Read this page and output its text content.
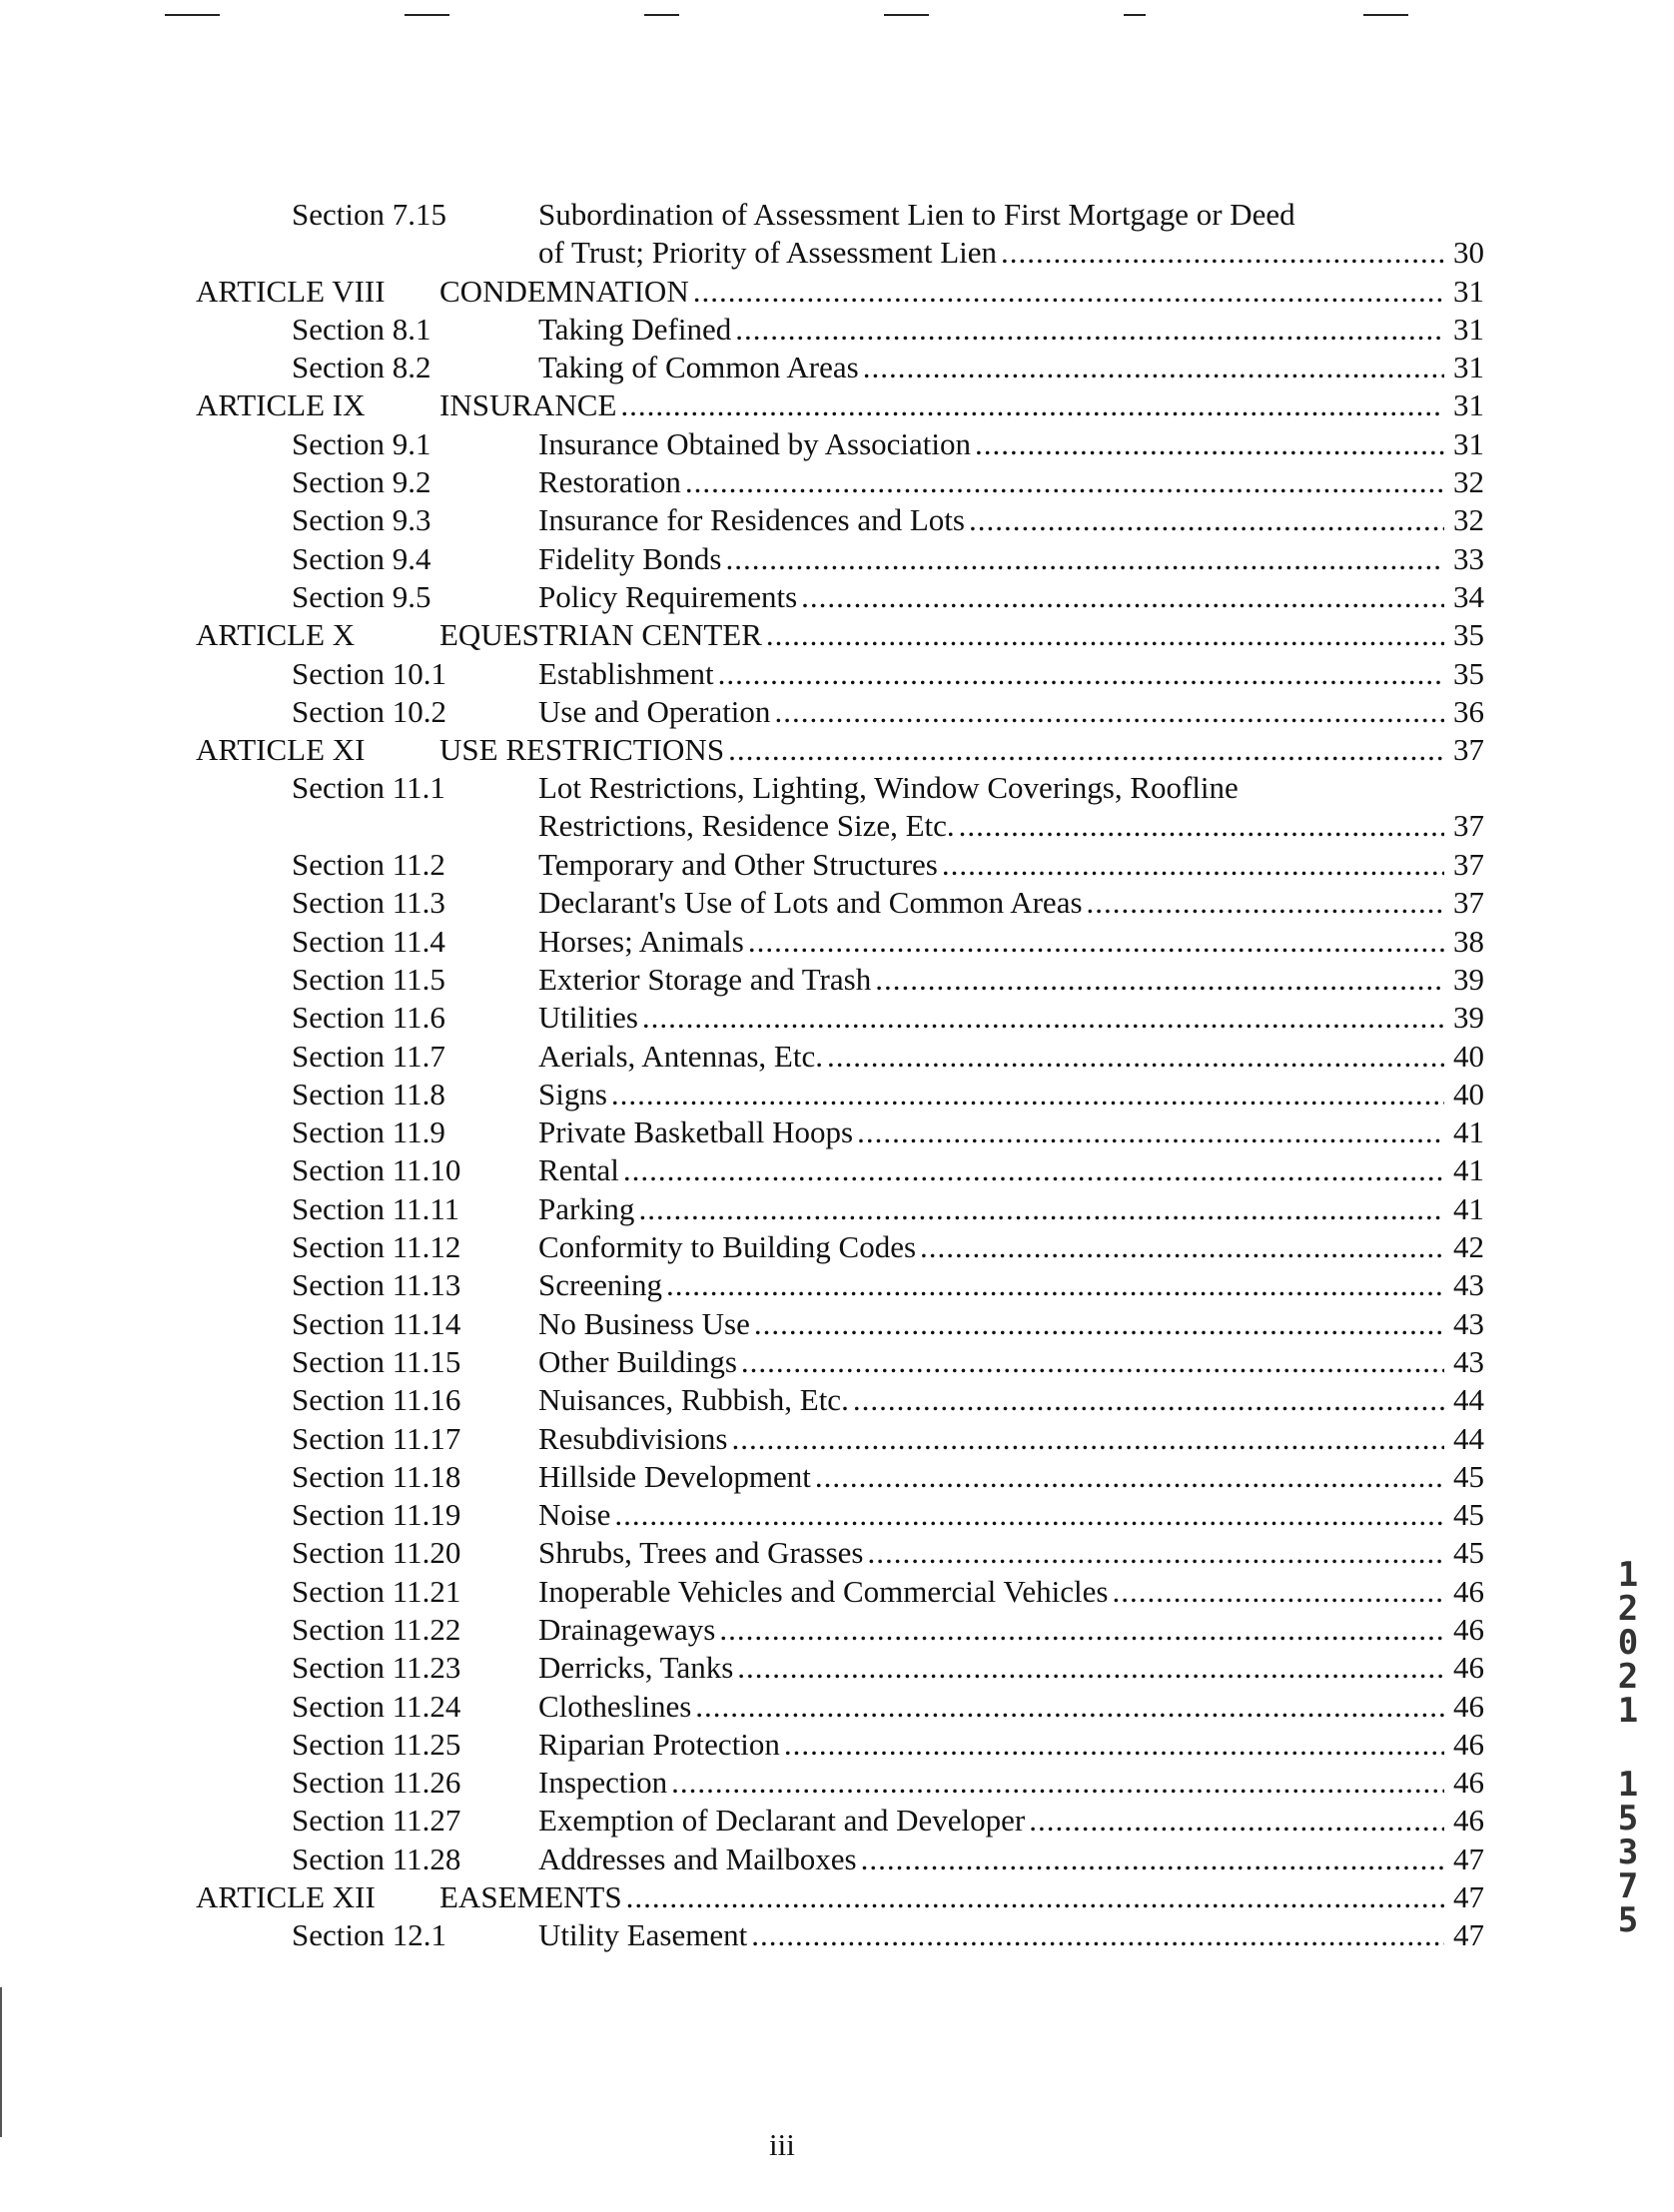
Section 7.15	Subordination of Assessment Lien to First Mortgage or Deed
of Trust; Priority of Assessment Lien .....	30
ARTICLE VIII CONDEMNATION .....	31
Section 8.1	Taking Defined .....	31
Section 8.2	Taking of Common Areas .....	31
ARTICLE IX INSURANCE .....	31
Section 9.1	Insurance Obtained by Association .....	31
Section 9.2	Restoration .....	32
Section 9.3	Insurance for Residences and Lots .....	32
Section 9.4	Fidelity Bonds .....	33
Section 9.5	Policy Requirements .....	34
ARTICLE X	EQUESTRIAN CENTER .....	35
Section 10.1	Establishment .....	35
Section 10.2	Use and Operation .....	36
ARTICLE XI USE RESTRICTIONS .....	37
Section 11.1	Lot Restrictions, Lighting, Window Coverings, Roofline
Restrictions, Residence Size, Etc. .....	37
Section 11.2	Temporary and Other Structures .....	37
Section 11.3	Declarant's Use of Lots and Common Areas .....	37
Section 11.4	Horses; Animals .....	38
Section 11.5	Exterior Storage and Trash .....	39
Section 11.6	Utilities .....	39
Section 11.7	Aerials, Antennas, Etc. .....	40
Section 11.8	Signs .....	40
Section 11.9	Private Basketball Hoops .....	41
Section 11.10	Rental .....	41
Section 11.11	Parking .....	41
Section 11.12	Conformity to Building Codes .....	42
Section 11.13	Screening .....	43
Section 11.14	No Business Use .....	43
Section 11.15	Other Buildings .....	43
Section 11.16	Nuisances, Rubbish, Etc. .....	44
Section 11.17	Resubdivisions .....	44
Section 11.18	Hillside Development .....	45
Section 11.19	Noise .....	45
Section 11.20	Shrubs, Trees and Grasses .....	45
Section 11.21	Inoperable Vehicles and Commercial Vehicles .....	46
Section 11.22	Drainageways .....	46
Section 11.23	Derricks, Tanks .....	46
Section 11.24	Clotheslines .....	46
Section 11.25	Riparian Protection .....	46
Section 11.26	Inspection .....	46
Section 11.27	Exemption of Declarant and Developer .....	46
Section 11.28	Addresses and Mailboxes .....	47
ARTICLE XII EASEMENTS .....	47
Section 12.1	Utility Easement .....	47
iii
1
2
0
2
1
1
5
3
7
5
